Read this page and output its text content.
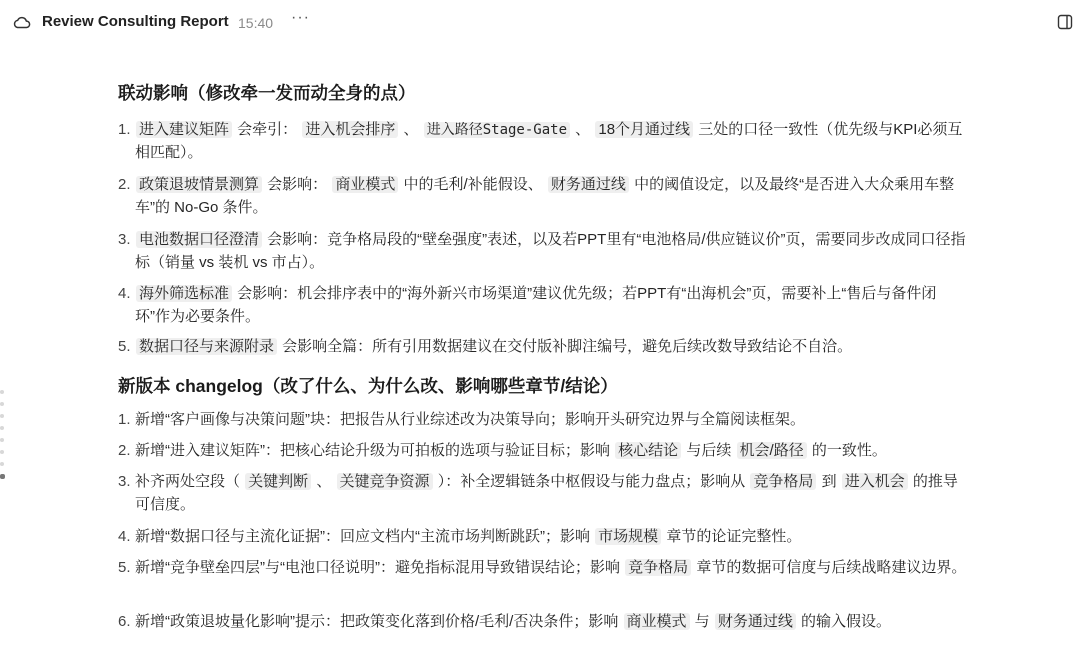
Review Consulting Report 15:40 ···
联动影响（修改牵一发而动全身的点）
1. 进入建议矩阵 会牵引： 进入机会排序 、 进入路径Stage-Gate 、 18个月通过线 三处的口径一致性（优先级与KPI必须互相匹配）。
2. 政策退坡情景测算 会影响： 商业模式 中的毛利/补能假设、 财务通过线 中的阈值设定，以及最终“是否进入大众乘用车整车”的 No-Go 条件。
3. 电池数据口径澄清 会影响：竞争格局段的“壁垒强度”表述，以及若PPT里有“电池格局/供应链议价”页，需要同步改成同口径指标（销量 vs 装机 vs 市占）。
4. 海外筛选标准 会影响：机会排序表中的“海外新兴市场渠道”建议优先级；若PPT有“出海机会”页，需要补上“售后与备件闭环”作为必要条件。
5. 数据口径与来源附录 会影响全篇：所有引用数据建议在交付版补脚注编号，避免后续改数导致结论不自洽。
新版本 changelog（改了什么、为什么改、影响哪些章节/结论）
1. 新增“客户画像与决策问题”块：把报告从行业综述改为决策导向；影响开头研究边界与全篇阅读框架。
2. 新增“进入建议矩阵”：把核心结论升级为可拍板的选项与验证目标；影响 核心结论 与后续 机会/路径 的一致性。
3. 补齐两处空段（ 关键判断 、 关键竞争资源 ）：补全逻辑链条中枢假设与能力盘点；影响从 竞争格局 到 进入机会 的推导可信度。
4. 新增“数据口径与主流化证据”：回应文档内“主流市场判断跳跃”；影响 市场规模 章节的论证完整性。
5. 新增“竞争壁垒四层”与“电池口径说明”：避免指标混用导致错误结论；影响 竞争格局 章节的数据可信度与后续战略建议边界。
6. 新增“政策退坡量化影响”提示：把政策变化落到价格/毛利/否决条件；影响 商业模式 与 财务通过线 的输入假设。
